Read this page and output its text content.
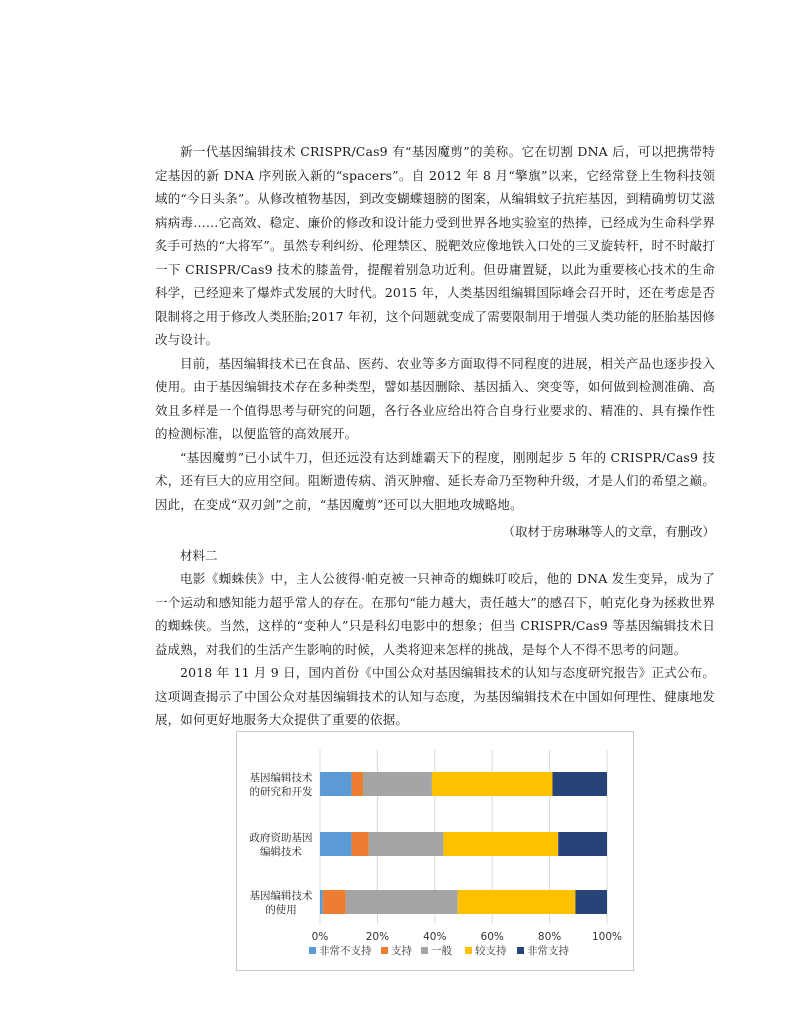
新一代基因编辑技术 CRISPR/Cas9 有“基因魔剪”的美称。它在切割 DNA 后，可以把携带特定基因的新 DNA 序列嵌入新的“spacers”。自 2012 年 8 月“擎旗”以来，它经常登上生物科技领域的“今日头条”。从修改植物基因，到改变蝴蝶翅膀的图案，从编辑蚊子抗疟基因，到精确剪切艾滋病病毒……它高效、稳定、廉价的修改和设计能力受到世界各地实验室的热捧，已经成为生命科学界炙手可热的“大将军”。虽然专利纠纷、伦理禁区、脱靶效应像地铁入口处的三叉旋转杆，时不时敲打一下 CRISPR/Cas9 技术的膝盖骨，提醒着别急功近利。但毋庸置疑，以此为重要核心技术的生命科学，已经迎来了爆炸式发展的大时代。2015 年，人类基因组编辑国际峰会召开时，还在考虑是否限制将之用于修改人类胚胎;2017 年初，这个问题就变成了需要限制用于增强人类功能的胚胎基因修改与设计。

目前，基因编辑技术已在食品、医药、农业等多方面取得不同程度的进展，相关产品也逐步投入使用。由于基因编辑技术存在多种类型，譬如基因删除、基因插入、突变等，如何做到检测准确、高效且多样是一个值得思考与研究的问题，各行各业应给出符合自身行业要求的、精准的、具有操作性的检测标准，以便监管的高效展开。

“基因魔剪”已小试牛刀，但还远没有达到雄霸天下的程度，刚刚起步 5 年的 CRISPR/Cas9 技术，还有巨大的应用空间。阻断遗传病、消灭肿瘤、延长寿命乃至物种升级，才是人们的希望之巅。因此，在变成“双刃剑”之前，“基因魔剪”还可以大胆地攻城略地。

（取材于房琳琳等人的文章，有删改）

材料二

电影《蜘蛛侠》中，主人公彼得·帕克被一只神奇的蜘蛛叮咬后，他的 DNA 发生变异，成为了一个运动和感知能力超乎常人的存在。在那句“能力越大，责任越大”的感召下，帕克化身为拯救世界的蜘蛛侠。当然，这样的“变种人”只是科幻电影中的想象；但当 CRISPR/Cas9 等基因编辑技术日益成熟，对我们的生活产生影响的时候，人类将迎来怎样的挑战，是每个人不得不思考的问题。

2018 年 11 月 9 日，国内首份《中国公众对基因编辑技术的认知与态度研究报告》正式公布。这项调查揭示了中国公众对基因编辑技术的认知与态度，为基因编辑技术在中国如何理性、健康地发展，如何更好地服务大众提供了重要的依据。

0%	20%	40%	60%	80%	100%
基因编辑技术
的研究和开发
政府资助基因
编辑技术
基因编辑技术
的使用
非常不支持 支持 一般 较支持 非常支持
